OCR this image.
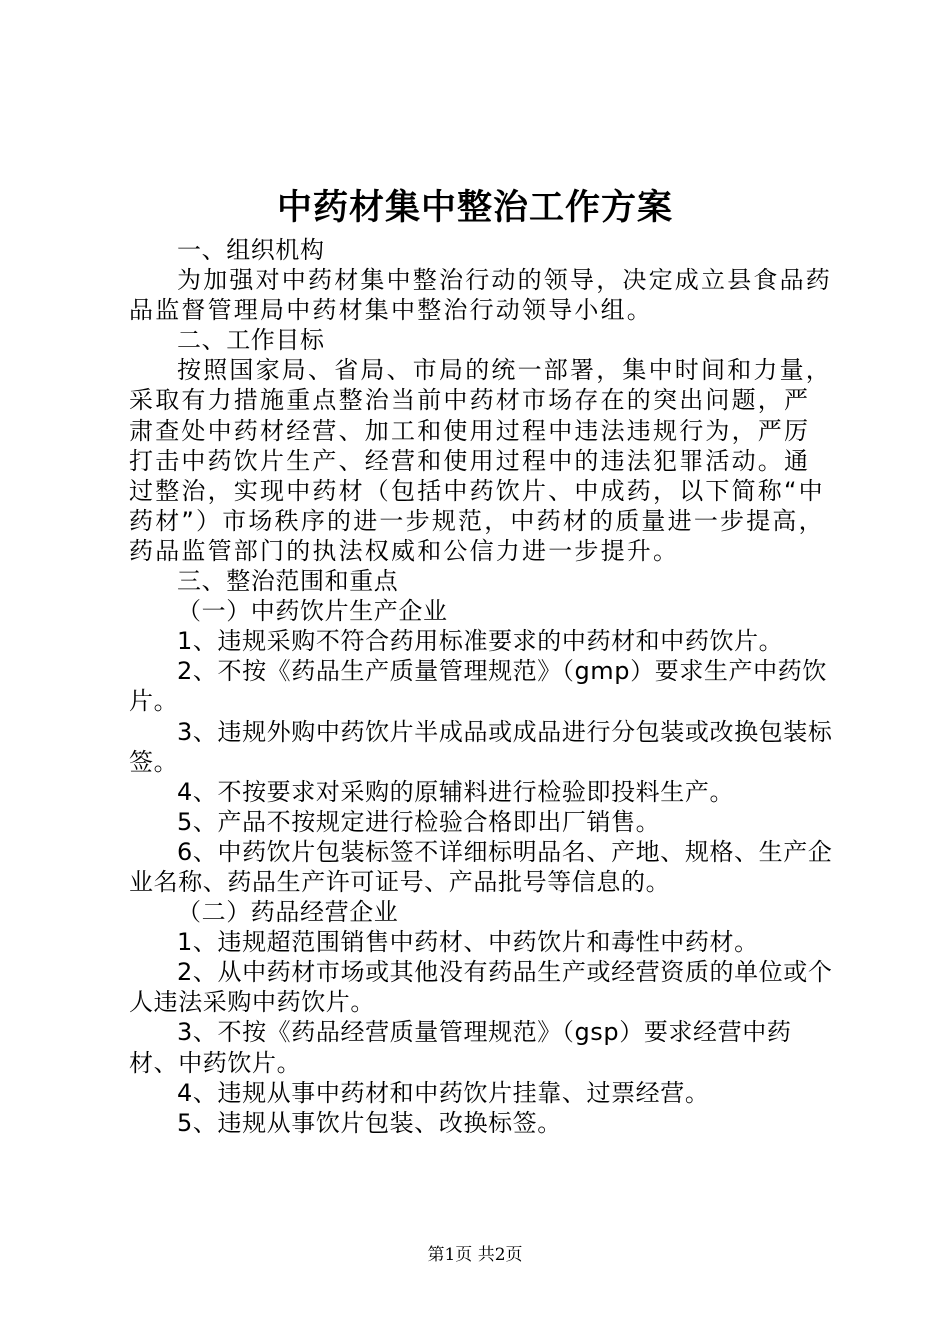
中药材集中整治工作方案

一、组织机构

为加强对中药材集中整治行动的领导，决定成立县食品药品监督管理局中药材集中整治行动领导小组。

二、工作目标

按照国家局、省局、市局的统一部署，集中时间和力量，采取有力措施重点整治当前中药材市场存在的突出问题，严肃查处中药材经营、加工和使用过程中违法违规行为，严厉打击中药饮片生产、经营和使用过程中的违法犯罪活动。通过整治，实现中药材（包括中药饮片、中成药，以下简称“中药材”）市场秩序的进一步规范，中药材的质量进一步提高，药品监管部门的执法权威和公信力进一步提升。

三、整治范围和重点

（一）中药饮片生产企业

1、违规采购不符合药用标准要求的中药材和中药饮片。

2、不按《药品生产质量管理规范》（gmp）要求生产中药饮片。

3、违规外购中药饮片半成品或成品进行分包装或改换包装标签。

4、不按要求对采购的原辅料进行检验即投料生产。

5、产品不按规定进行检验合格即出厂销售。

6、中药饮片包装标签不详细标明品名、产地、规格、生产企业名称、药品生产许可证号、产品批号等信息的。

（二）药品经营企业

1、违规超范围销售中药材、中药饮片和毒性中药材。

2、从中药材市场或其他没有药品生产或经营资质的单位或个人违法采购中药饮片。

3、不按《药品经营质量管理规范》（gsp）要求经营中药材、中药饮片。

4、违规从事中药材和中药饮片挂靠、过票经营。

5、违规从事饮片包装、改换标签。

第1页 共2页
